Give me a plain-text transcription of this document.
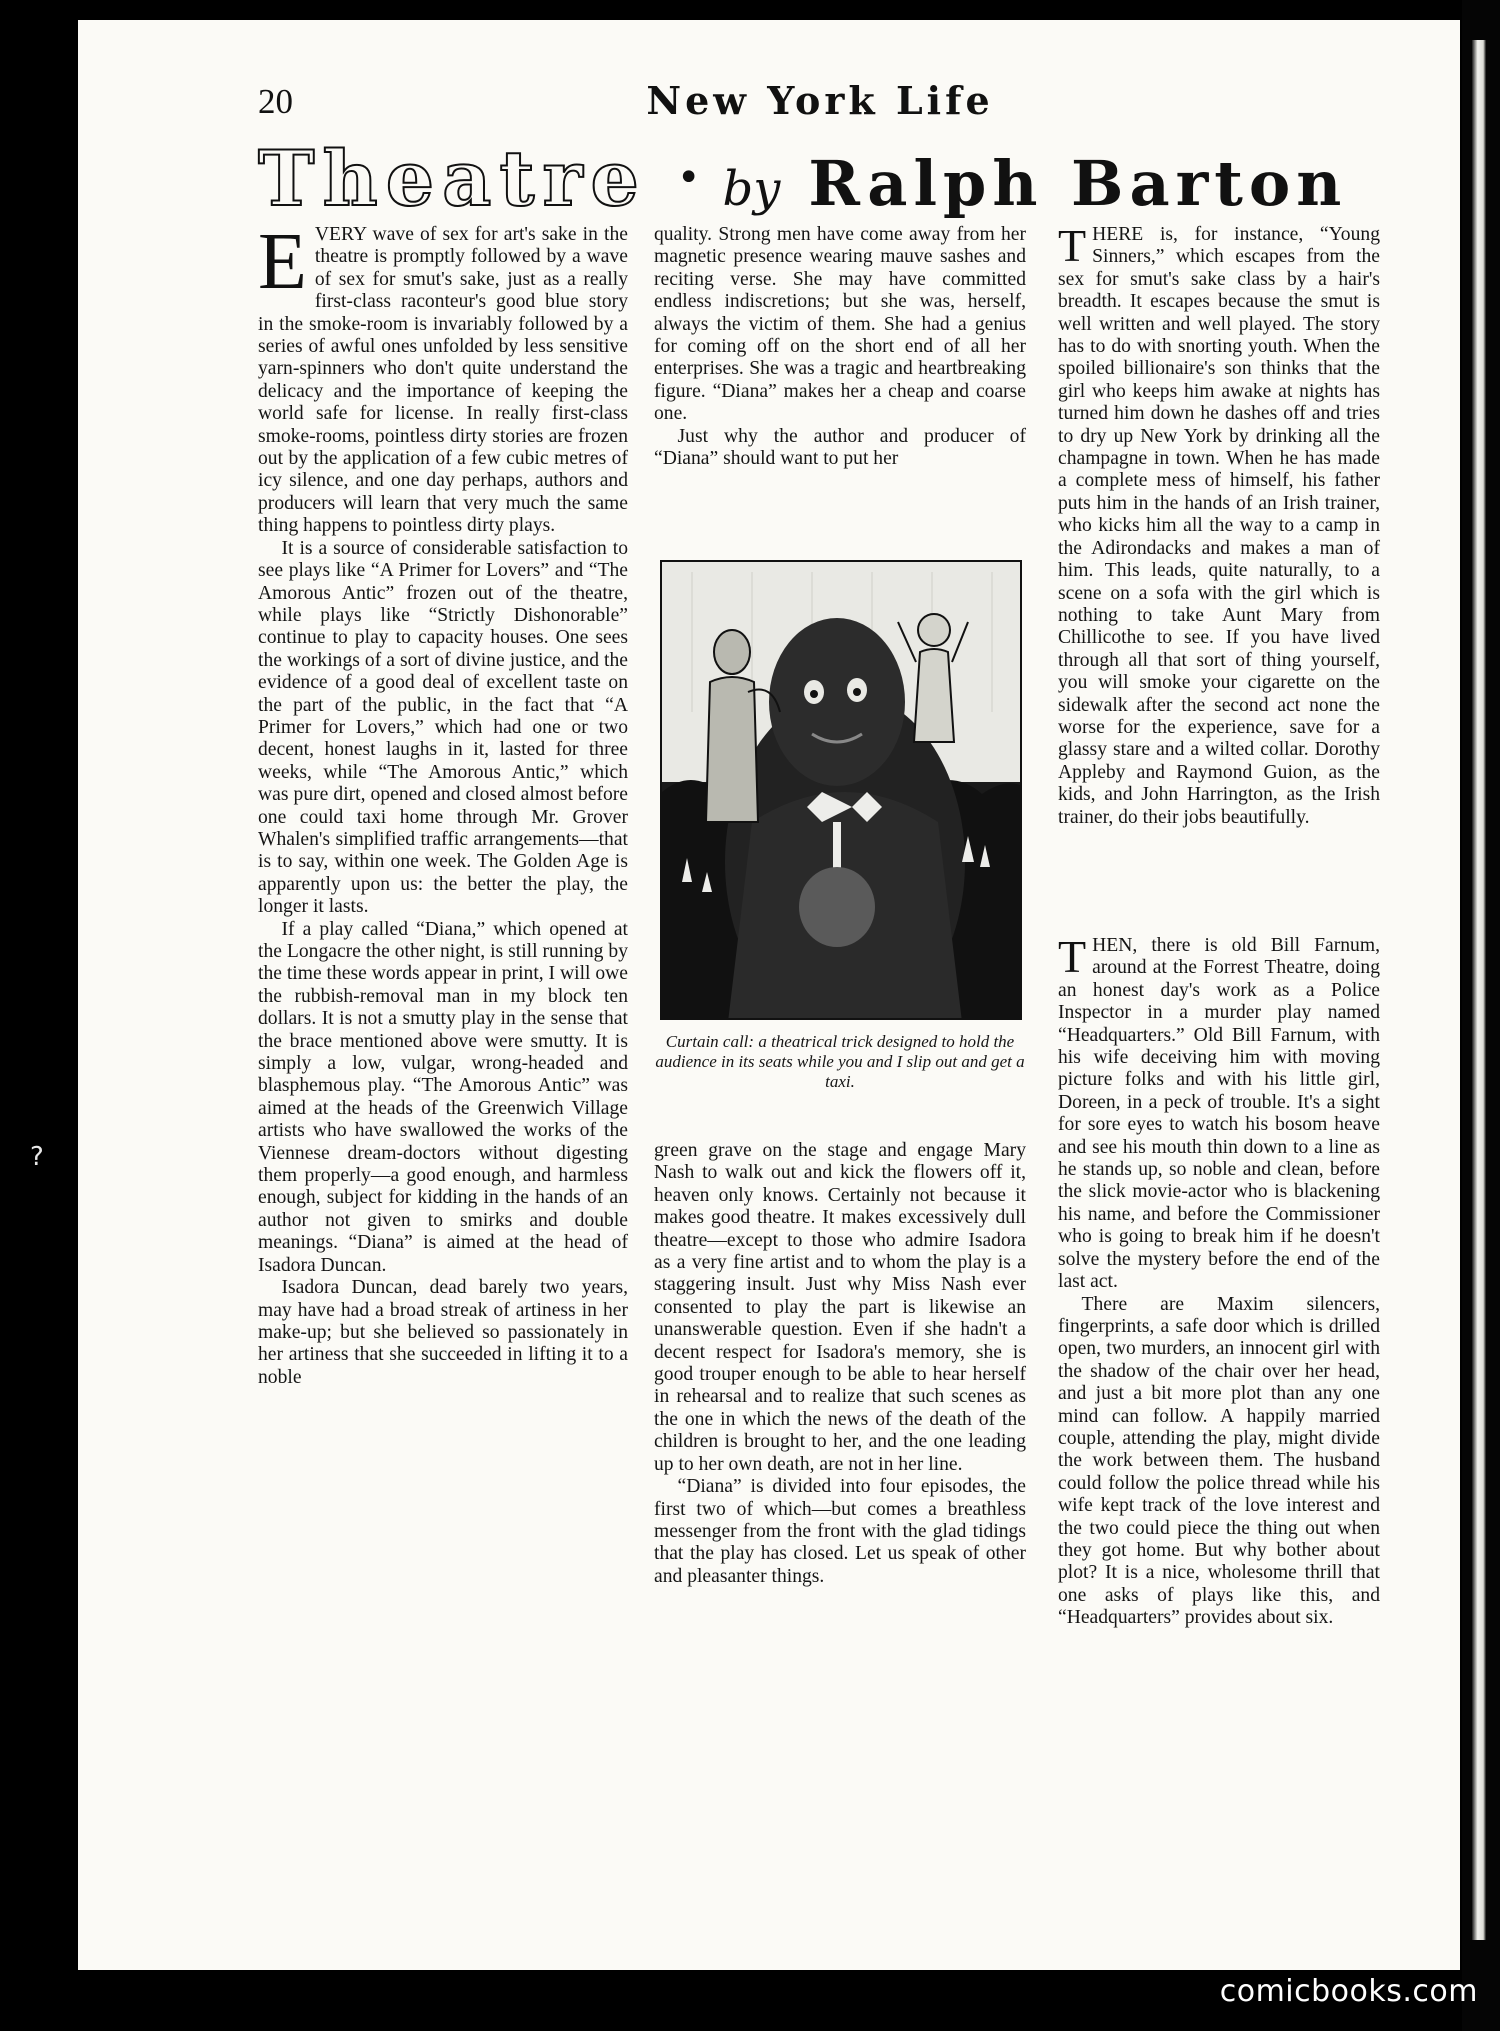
?
20	New York Life
Theatre • by Ralph Barton

EVERY wave of sex for art's sake in the theatre is promptly followed by a wave of sex for smut's sake, just as a really first-class raconteur's good blue story in the smoke-room is invariably followed by a series of awful ones unfolded by less sensitive yarn-spinners who don't quite understand the delicacy and the importance of keeping the world safe for license. In really first-class smoke-rooms, pointless dirty stories are frozen out by the application of a few cubic metres of icy silence, and one day perhaps, authors and producers will learn that very much the same thing happens to pointless dirty plays.

It is a source of considerable satisfaction to see plays like “A Primer for Lovers” and “The Amorous Antic” frozen out of the theatre, while plays like “Strictly Dishonorable” continue to play to capacity houses. One sees the workings of a sort of divine justice, and the evidence of a good deal of excellent taste on the part of the public, in the fact that “A Primer for Lovers,” which had one or two decent, honest laughs in it, lasted for three weeks, while “The Amorous Antic,” which was pure dirt, opened and closed almost before one could taxi home through Mr. Grover Whalen's simplified traffic arrangements—that is to say, within one week. The Golden Age is apparently upon us: the better the play, the longer it lasts.

If a play called “Diana,” which opened at the Longacre the other night, is still running by the time these words appear in print, I will owe the rubbish-removal man in my block ten dollars. It is not a smutty play in the sense that the brace mentioned above were smutty. It is simply a low, vulgar, wrong-headed and blasphemous play. “The Amorous Antic” was aimed at the heads of the Greenwich Village artists who have swallowed the works of the Viennese dream-doctors without digesting them properly—a good enough, and harmless enough, subject for kidding in the hands of an author not given to smirks and double meanings. “Diana” is aimed at the head of Isadora Duncan.

Isadora Duncan, dead barely two years, may have had a broad streak of artiness in her make-up; but she believed so passionately in her artiness that she succeeded in lifting it to a noble

quality. Strong men have come away from her magnetic presence wearing mauve sashes and reciting verse. She may have committed endless indiscretions; but she was, herself, always the victim of them. She had a genius for coming off on the short end of all her enterprises. She was a tragic and heartbreaking figure. “Diana” makes her a cheap and coarse one.

Just why the author and producer of “Diana” should want to put her

Curtain call: a theatrical trick designed to hold the audience in its seats while you and I slip out and get a taxi.

green grave on the stage and engage Mary Nash to walk out and kick the flowers off it, heaven only knows. Certainly not because it makes good theatre. It makes excessively dull theatre—except to those who admire Isadora as a very fine artist and to whom the play is a staggering insult. Just why Miss Nash ever consented to play the part is likewise an unanswerable question. Even if she hadn't a decent respect for Isadora's memory, she is good trouper enough to be able to hear herself in rehearsal and to realize that such scenes as the one in which the news of the death of the children is brought to her, and the one leading up to her own death, are not in her line.

“Diana” is divided into four episodes, the first two of which—but comes a breathless messenger from the front with the glad tidings that the play has closed. Let us speak of other and pleasanter things.

THERE is, for instance, “Young Sinners,” which escapes from the sex for smut's sake class by a hair's breadth. It escapes because the smut is well written and well played. The story has to do with snorting youth. When the spoiled billionaire's son thinks that the girl who keeps him awake at nights has turned him down he dashes off and tries to dry up New York by drinking all the champagne in town. When he has made a complete mess of himself, his father puts him in the hands of an Irish trainer, who kicks him all the way to a camp in the Adirondacks and makes a man of him. This leads, quite naturally, to a scene on a sofa with the girl which is nothing to take Aunt Mary from Chillicothe to see. If you have lived through all that sort of thing yourself, you will smoke your cigarette on the sidewalk after the second act none the worse for the experience, save for a glassy stare and a wilted collar. Dorothy Appleby and Raymond Guion, as the kids, and John Harrington, as the Irish trainer, do their jobs beautifully.

THEN, there is old Bill Farnum, around at the Forrest Theatre, doing an honest day's work as a Police Inspector in a murder play named “Headquarters.” Old Bill Farnum, with his wife deceiving him with moving picture folks and with his little girl, Doreen, in a peck of trouble. It's a sight for sore eyes to watch his bosom heave and see his mouth thin down to a line as he stands up, so noble and clean, before the slick movie-actor who is blackening his name, and before the Commissioner who is going to break him if he doesn't solve the mystery before the end of the last act.

There are Maxim silencers, fingerprints, a safe door which is drilled open, two murders, an innocent girl with the shadow of the chair over her head, and just a bit more plot than any one mind can follow. A happily married couple, attending the play, might divide the work between them. The husband could follow the police thread while his wife kept track of the love interest and the two could piece the thing out when they got home. But why bother about plot? It is a nice, wholesome thrill that one asks of plays like this, and “Headquarters” provides about six.

comicbooks.com
